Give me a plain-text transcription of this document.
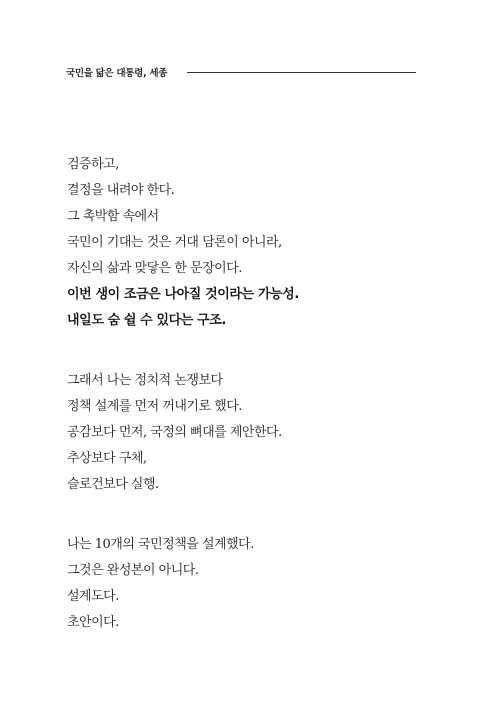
국민을 닮은 대통령, 세종
검증하고,
결정을 내려야 한다.
그 촉박함 속에서
국민이 기대는 것은 거대 담론이 아니라,
자신의 삶과 맞닿은 한 문장이다.
이번 생이 조금은 나아질 것이라는 가능성.
내일도 숨 쉴 수 있다는 구조.
그래서 나는 정치적 논쟁보다
정책 설계를 먼저 꺼내기로 했다.
공감보다 먼저, 국정의 뼈대를 제안한다.
추상보다 구체,
슬로건보다 실행.
나는 10개의 국민정책을 설계했다.
그것은 완성본이 아니다.
설계도다.
초안이다.
